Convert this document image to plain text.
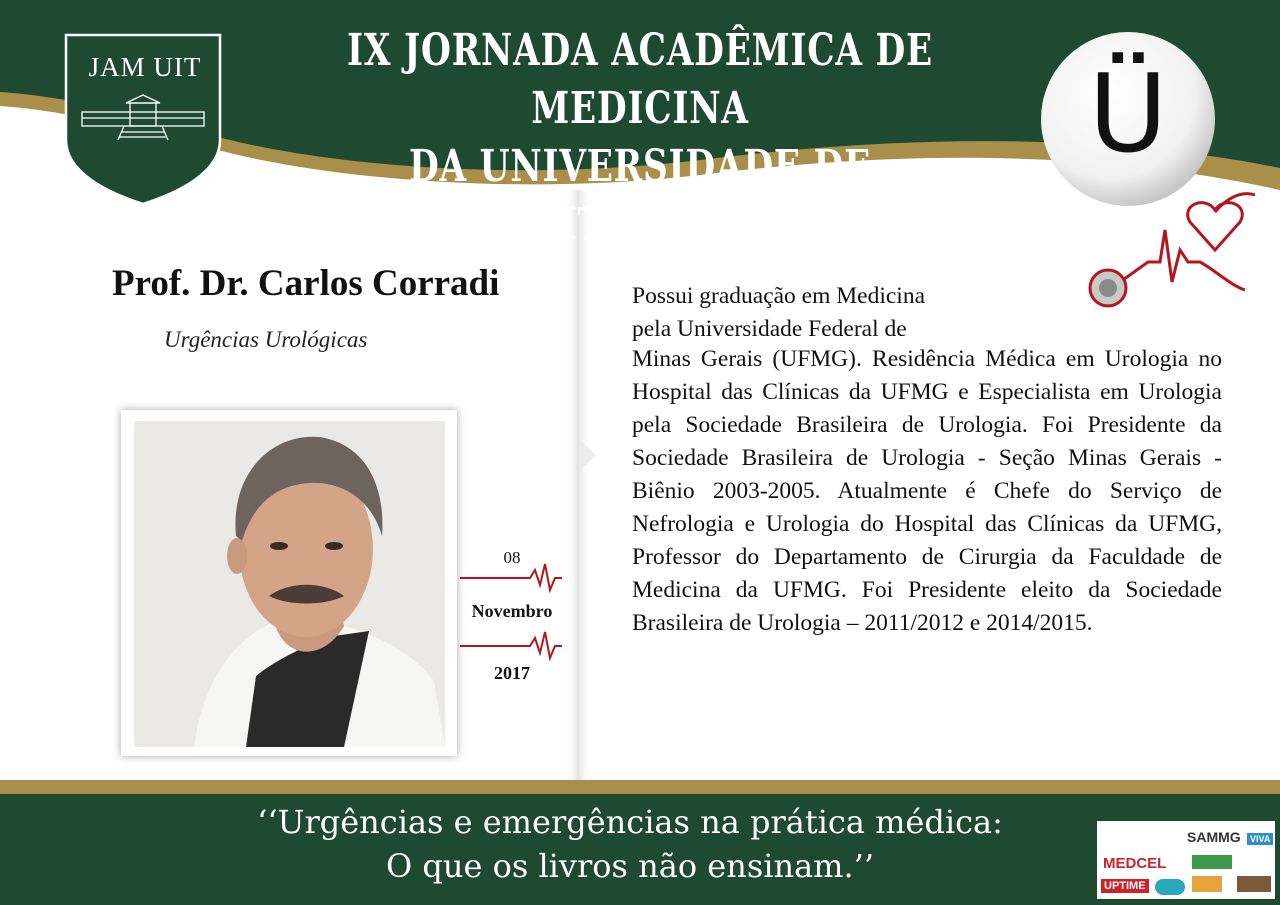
IX JORNADA ACADÊMICA DE MEDICINA
DA UNIVERSIDADE DE ITAÚNA
JAM UIT	Ü
Prof. Dr. Carlos Corradi
Urgências Urológicas
08
Novembro
2017
Possui graduação em Medicina
pela Universidade Federal de
Minas Gerais (UFMG). Residência Médica em Urologia no Hospital das Clínicas da UFMG e Especialista em Urologia pela Sociedade Brasileira de Urologia. Foi Presidente da Sociedade Brasileira de Urologia - Seção Minas Gerais - Biênio 2003-2005. Atualmente é Chefe do Serviço de Nefrologia e Urologia do Hospital das Clínicas da UFMG, Professor do Departamento de Cirurgia da Faculdade de Medicina da UFMG. Foi Presidente eleito da Sociedade Brasileira de Urologia – 2011/2012 e 2014/2015.
‘‘Urgências e emergências na prática médica:
O que os livros não ensinam.’’
SAMMG	VIVA
MEDCEL
UPTIME
